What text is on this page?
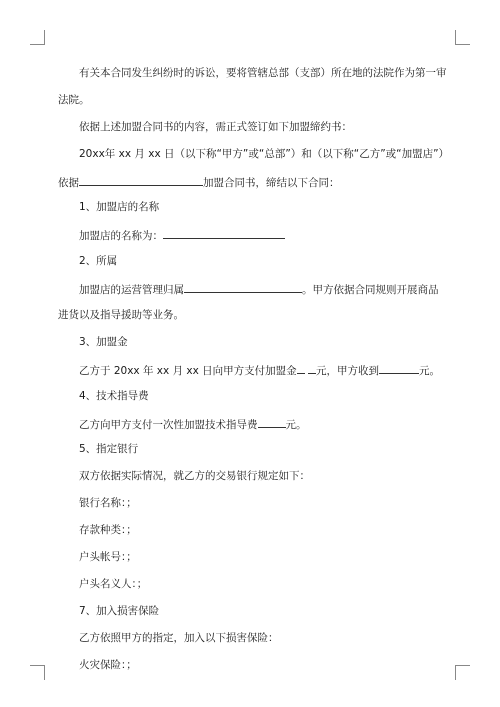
有关本合同发生纠纷时的诉讼，要将管辖总部（支部）所在地的法院作为第一审
法院。
依据上述加盟合同书的内容，需正式签订如下加盟缔约书：
20xx年 xx 月 xx 日（以下称“甲方”或“总部”）和（以下称“乙方”或“加盟店”）
依据	加盟合同书，缔结以下合同：
1、加盟店的名称
加盟店的名称为：
2、所属
加盟店的运营管理归属	。甲方依据合同规则开展商品
进货以及指导援助等业务。
3、加盟金
乙方于 20xx 年 xx 月 xx 日向甲方支付加盟金 元，甲方收到	元。
4、技术指导费
乙方向甲方支付一次性加盟技术指导费	元。
5、指定银行
双方依据实际情况，就乙方的交易银行规定如下：
银行名称：；
存款种类：；
户头帐号：；
户头名义人：；
7、加入损害保险
乙方依照甲方的指定，加入以下损害保险：
火灾保险：；
